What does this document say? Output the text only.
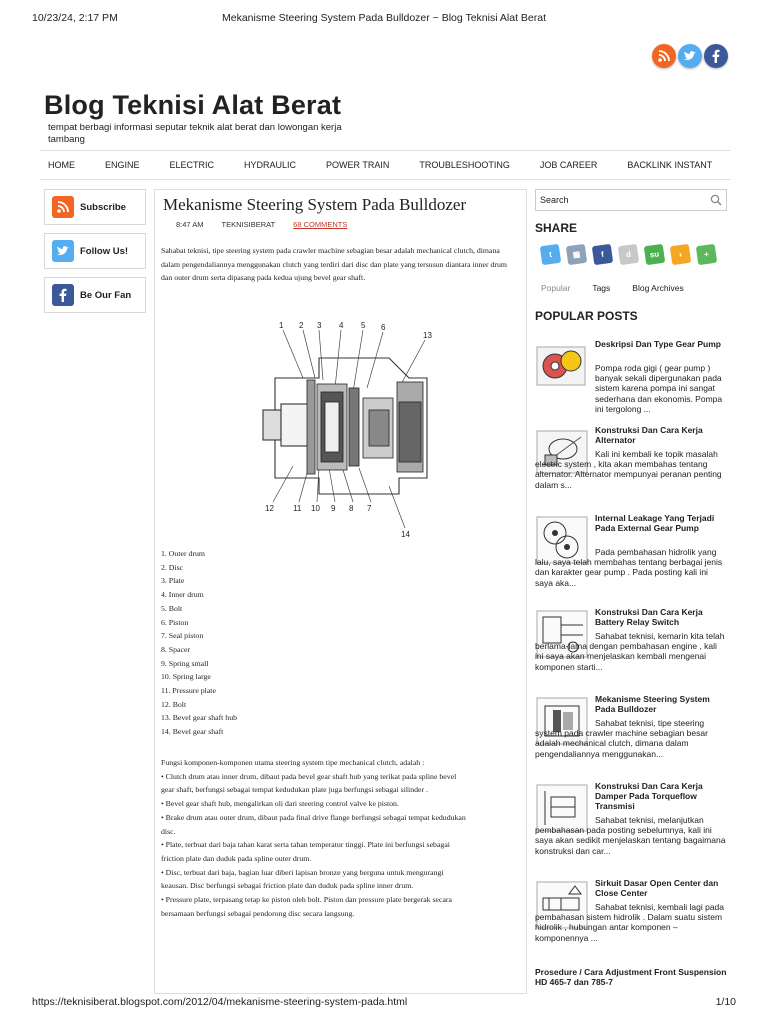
Mekanisme Steering System Pada Bulldozer ~ Blog Teknisi Alat Berat
10/23/24, 2:17 PM
Blog Teknisi Alat Berat
tempat berbagi informasi seputar teknik alat berat dan lowongan kerja tambang
HOME	ENGINE	ELECTRIC	HYDRAULIC	POWER TRAIN	TROUBLESHOOTING	JOB CAREER	BACKLINK INSTANT
Subscribe
Follow Us!
Be Our Fan
Mekanisme Steering System Pada Bulldozer
8:47 AM TEKNISIBERAT 68 COMMENTS

Sahabat teknisi, tipe steering system pada crawler machine sebagian besar adalah mechanical clutch, dimana dalam pengendaliannya menggunakan clutch yang terdiri dari disc dan plate yang tersusun diantara inner drum dan outer drum serta dipasang pada kedua ujung bevel gear shaft.

1 2 3 4 5 6
13
12 11 10 9 8 7
14
1. Outer drum
2. Disc
3. Plate
4. Inner drum
5. Bolt
6. Piston
7. Seal piston
8. Spacer
9. Spring small
10. Spring large
11. Pressure plate
12. Bolt
13. Bevel gear shaft hub
14. Bevel gear shaft
Fungsi komponen-komponen utama steering system tipe mechanical clutch, adalah :
• Clutch drum atau inner drum, dibaut pada bevel gear shaft hub yang terikat pada spline bevel
gear shaft, berfungsi sebagai tempat kedudukan plate juga berfungsi sebagai silinder .
• Bevel gear shaft hub, mengalirkan oli dari steering control valve ke piston.
• Brake drum atau outer drum, dibaut pada final drive flange berfungsi sebagai tempat kedudukan
disc.
• Plate, terbuat dari baja tahan karat serta tahan temperatur tinggi. Plate ini berfungsi sebagai
friction plate dan duduk pada spline outer drum.
• Disc, terbuat dari baja, bagian luar diberi lapisan bronze yang berguna untuk mengurangi
keausan. Disc berfungsi sebagai friction plate dan duduk pada spline inner drum.
• Pressure plate, terpasang tetap ke piston oleh bolt. Piston dan pressure plate bergerak secara
bersamaan berfungsi sebagai pendorong disc secara langsung.
Search
SHARE
t	▦	f	d	su	◗	+
Popular	Tags	Blog Archives
POPULAR POSTS
Deskripsi Dan Type Gear Pump
Pompa roda gigi ( gear pump ) banyak sekali dipergunakan pada sistem karena pompa ini sangat sederhana dan ekonomis. Pompa ini tergolong ...
Konstruksi Dan Cara Kerja Alternator
Kali ini kembali ke topik masalah electric system , kita akan membahas tentang alternator. Alternator mempunyai peranan penting dalam s...
Internal Leakage Yang Terjadi Pada External Gear Pump
Pada pembahasan hidrolik yang lalu, saya telah membahas tentang berbagai jenis dan karakter gear pump . Pada posting kali ini saya aka...
Konstruksi Dan Cara Kerja Battery Relay Switch
Sahabat teknisi, kemarin kita telah berlama-lama dengan pembahasan engine , kali ini saya akan menjelaskan kembali mengenai komponen starti...
Mekanisme Steering System Pada Bulldozer
Sahabat teknisi, tipe steering system pada crawler machine sebagian besar adalah mechanical clutch, dimana dalam pengendaliannya menggunakan...
Konstruksi Dan Cara Kerja Damper Pada Torqueflow Transmisi
Sahabat teknisi, melanjutkan pembahasan pada posting sebelumnya, kali ini saya akan sedikit menjelaskan tentang bagaimana konstruksi dan car...
Sirkuit Dasar Open Center dan Close Center
Sahabat teknisi, kembali lagi pada pembahasan sistem hidrolik . Dalam suatu sistem hidrolik , hubungan antar komponen – komponennya ...
Prosedure / Cara Adjustment Front Suspension HD 465-7 dan 785-7
https://teknisiberat.blogspot.com/2012/04/mekanisme-steering-system-pada.html	1/10
